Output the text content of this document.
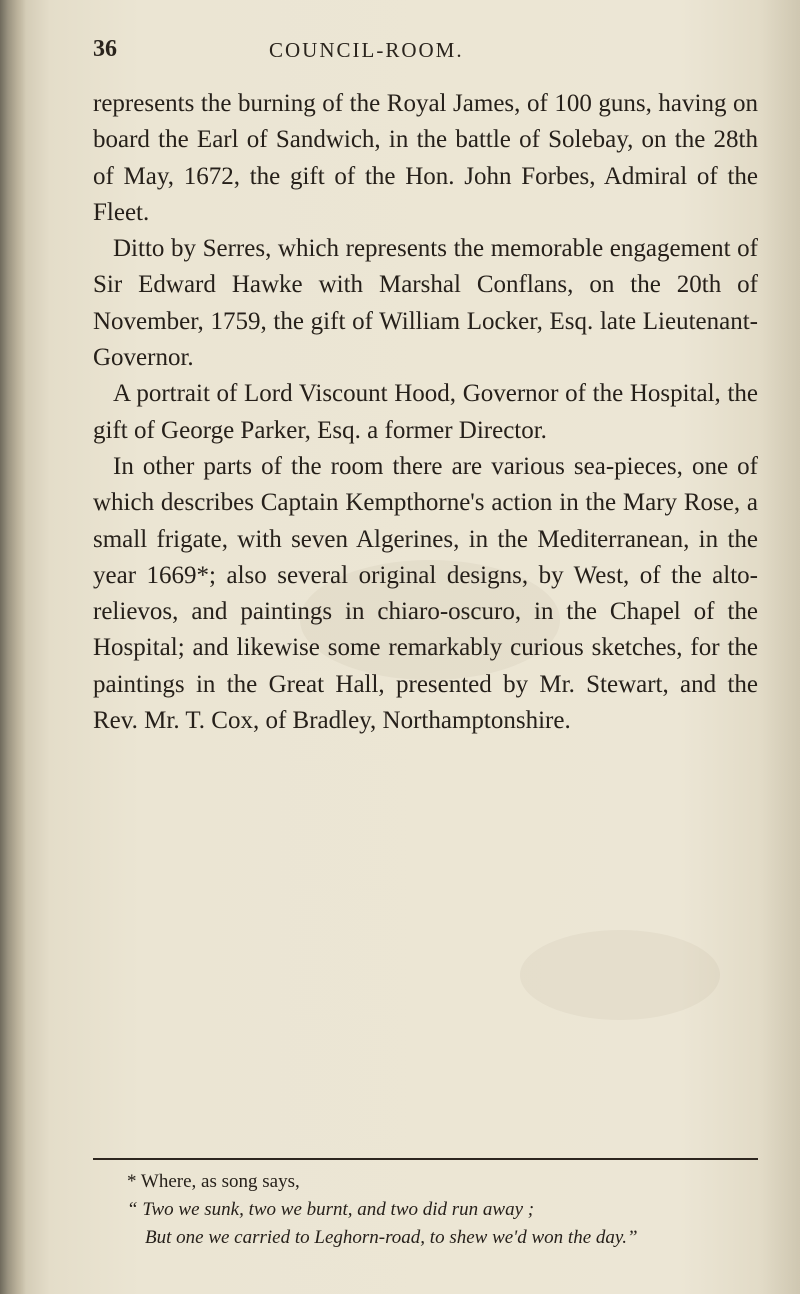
36	COUNCIL-ROOM.

represents the burning of the Royal James, of 100 guns, having on board the Earl of Sandwich, in the battle of Solebay, on the 28th of May, 1672, the gift of the Hon. John Forbes, Admiral of the Fleet.

Ditto by Serres, which represents the memorable engagement of Sir Edward Hawke with Marshal Conflans, on the 20th of November, 1759, the gift of William Locker, Esq. late Lieutenant-Governor.

A portrait of Lord Viscount Hood, Governor of the Hospital, the gift of George Parker, Esq. a former Director.

In other parts of the room there are various sea-pieces, one of which describes Captain Kempthorne's action in the Mary Rose, a small frigate, with seven Algerines, in the Mediterranean, in the year 1669*; also several original designs, by West, of the alto-relievos, and paintings in chiaro-oscuro, in the Chapel of the Hospital; and likewise some remarkably curious sketches, for the paintings in the Great Hall, presented by Mr. Stewart, and the Rev. Mr. T. Cox, of Bradley, Northamptonshire.

* Where, as song says,
“ Two we sunk, two we burnt, and two did run away ;
But one we carried to Leghorn-road, to shew we'd won the day.”
